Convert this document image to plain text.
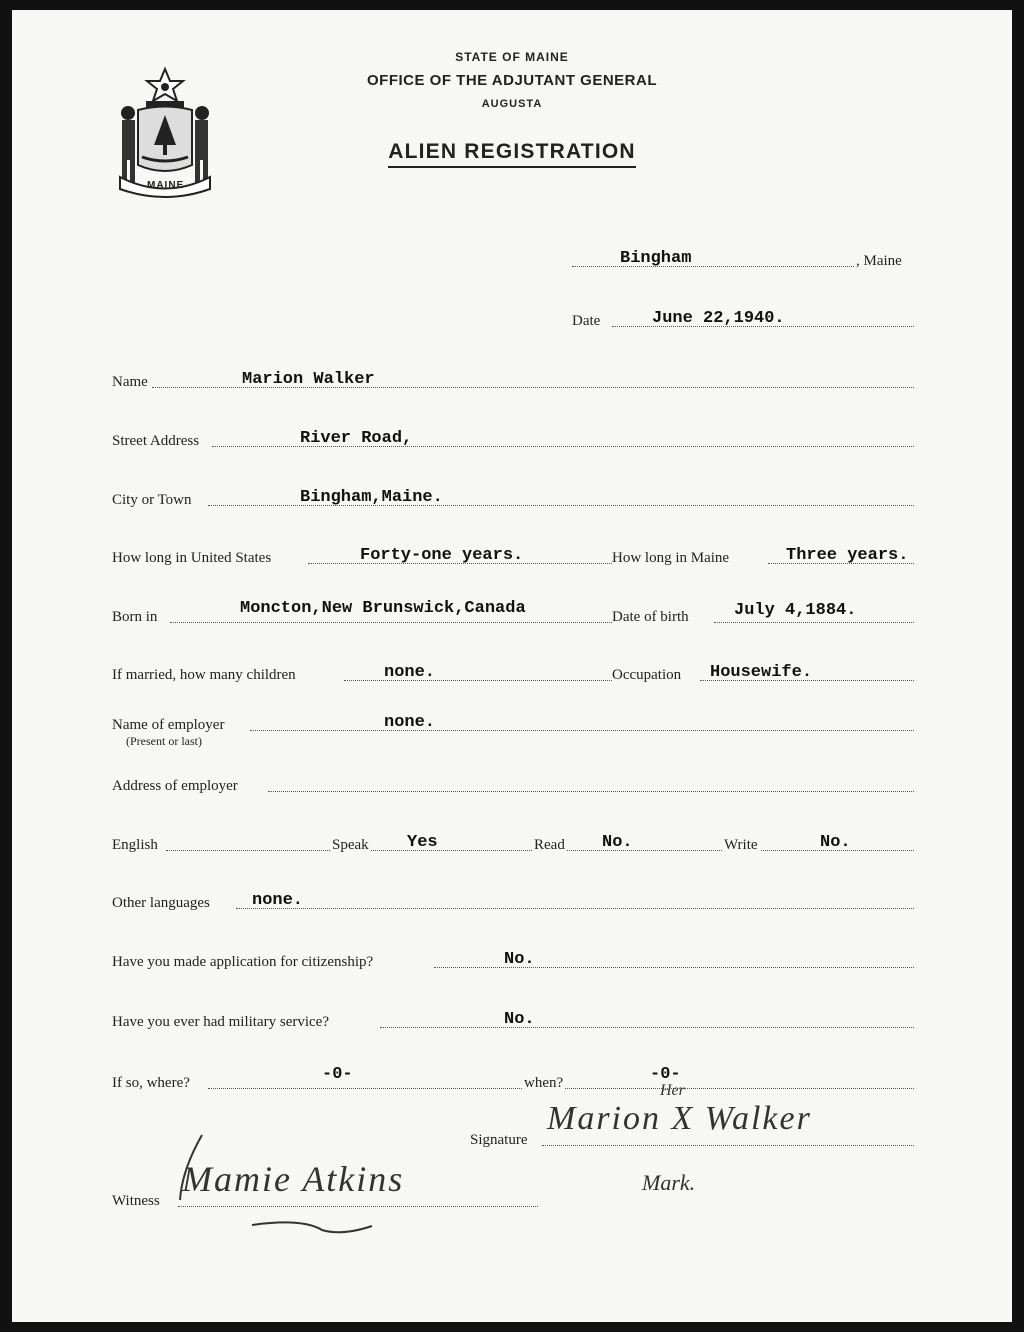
MAINE
STATE OF MAINE
OFFICE OF THE ADJUTANT GENERAL
AUGUSTA
ALIEN REGISTRATION
Bingham	, Maine
Date	June 22,1940.
Name	Marion Walker
Street Address	River Road,
City or Town	Bingham,Maine.
How long in United States	Forty-one years.	How long in Maine	Three years.
Born in	Moncton,New Brunswick,Canada	Date of birth	July 4,1884.
If married, how many children	none.	Occupation Housewife.
Name of employer	none.
(Present or last)
Address of employer
English	Speak Yes	Read No.	Write	No.
Other languages none.
Have you made application for citizenship?	No.
Have you ever had military service?	No.
If so, where?	-0-	when?	-0-
Signature
Marion X Walker
Her
Mark.
Witness
Mamie Atkins
